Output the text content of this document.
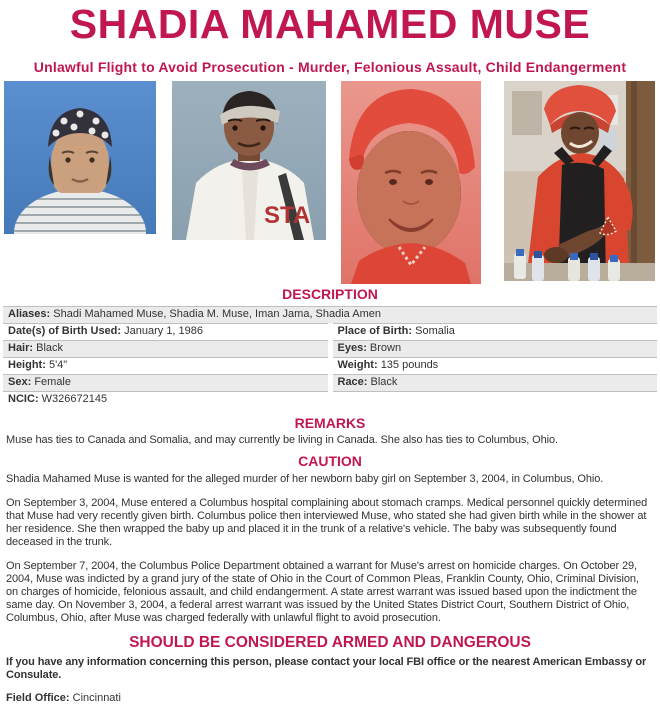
SHADIA MAHAMED MUSE
Unlawful Flight to Avoid Prosecution - Murder, Felonious Assault, Child Endangerment
STA
DESCRIPTION
Aliases: Shadi Mahamed Muse, Shadia M. Muse, Iman Jama, Shadia Amen
Date(s) of Birth Used: January 1, 1986	Place of Birth: Somalia
Hair: Black	Eyes: Brown
Height: 5'4"	Weight: 135 pounds
Sex: Female	Race: Black
NCIC: W326672145
REMARKS

Muse has ties to Canada and Somalia, and may currently be living in Canada. She also has ties to Columbus, Ohio.

CAUTION

Shadia Mahamed Muse is wanted for the alleged murder of her newborn baby girl on September 3, 2004, in Columbus, Ohio.

On September 3, 2004, Muse entered a Columbus hospital complaining about stomach cramps. Medical personnel quickly determined that Muse had very recently given birth. Columbus police then interviewed Muse, who stated she had given birth while in the shower at her residence. She then wrapped the baby up and placed it in the trunk of a relative's vehicle. The baby was subsequently found deceased in the trunk.

On September 7, 2004, the Columbus Police Department obtained a warrant for Muse's arrest on homicide charges. On October 29, 2004, Muse was indicted by a grand jury of the state of Ohio in the Court of Common Pleas, Franklin County, Ohio, Criminal Division, on charges of homicide, felonious assault, and child endangerment. A state arrest warrant was issued based upon the indictment the same day. On November 3, 2004, a federal arrest warrant was issued by the United States District Court, Southern District of Ohio, Columbus, Ohio, after Muse was charged federally with unlawful flight to avoid prosecution.

SHOULD BE CONSIDERED ARMED AND DANGEROUS

If you have any information concerning this person, please contact your local FBI office or the nearest American Embassy or Consulate.

Field Office: Cincinnati
